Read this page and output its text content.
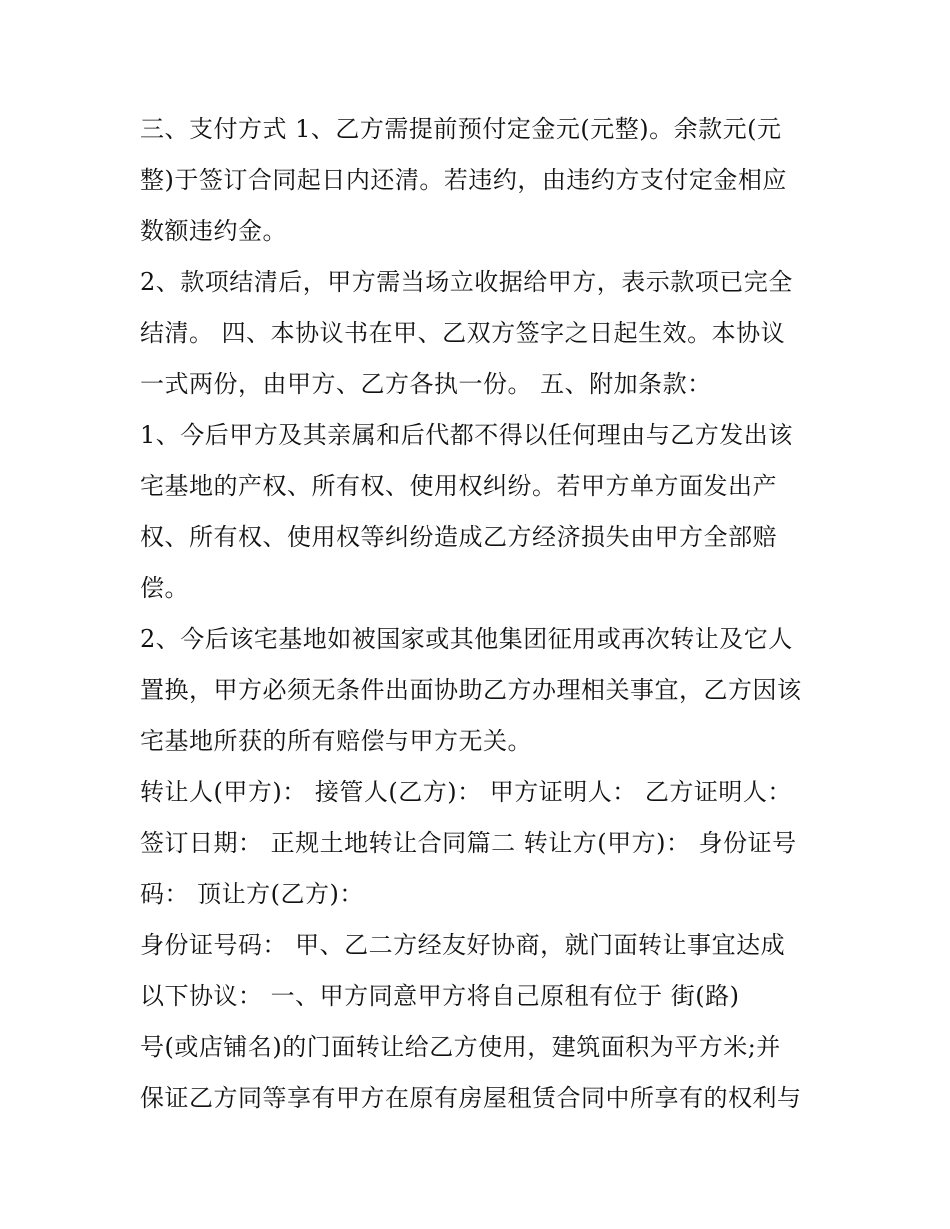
三、支付方式 1、乙方需提前预付定金元(元整)。余款元(元
整)于签订合同起日内还清。若违约，由违约方支付定金相应
数额违约金。
2、款项结清后，甲方需当场立收据给甲方，表示款项已完全
结清。 四、本协议书在甲、乙双方签字之日起生效。本协议
一式两份，由甲方、乙方各执一份。 五、附加条款：
1、今后甲方及其亲属和后代都不得以任何理由与乙方发出该
宅基地的产权、所有权、使用权纠纷。若甲方单方面发出产
权、所有权、使用权等纠纷造成乙方经济损失由甲方全部赔
偿。
2、今后该宅基地如被国家或其他集团征用或再次转让及它人
置换，甲方必须无条件出面协助乙方办理相关事宜，乙方因该
宅基地所获的所有赔偿与甲方无关。
转让人(甲方)： 接管人(乙方)： 甲方证明人： 乙方证明人：
签订日期： 正规土地转让合同篇二 转让方(甲方)： 身份证号
码： 顶让方(乙方)：
身份证号码： 甲、乙二方经友好协商，就门面转让事宜达成
以下协议： 一、甲方同意甲方将自己原租有位于 街(路)
号(或店铺名)的门面转让给乙方使用，建筑面积为平方米;并
保证乙方同等享有甲方在原有房屋租赁合同中所享有的权利与
